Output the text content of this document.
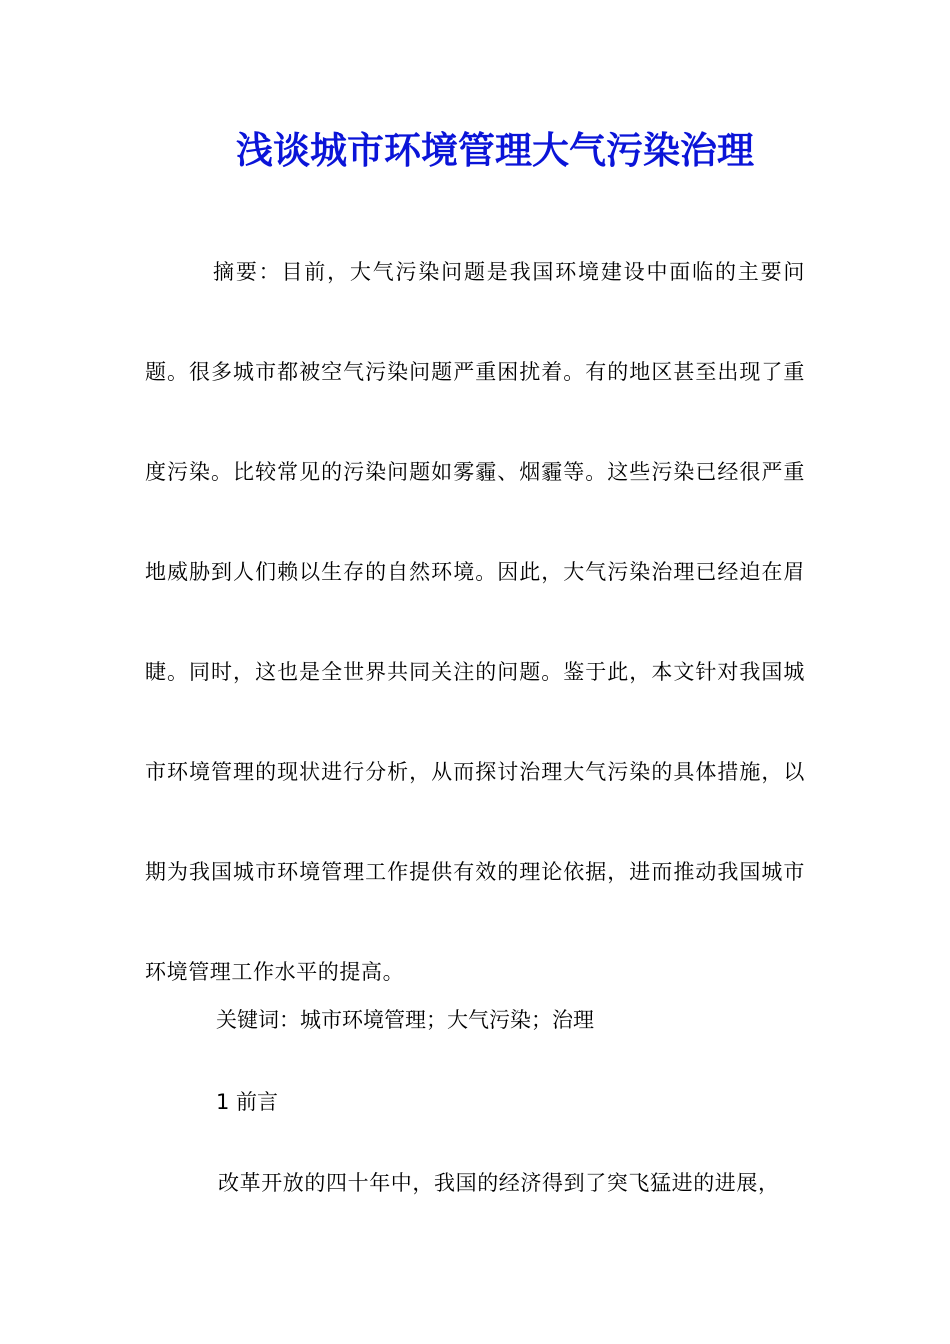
浅谈城市环境管理大气污染治理

摘要：目前，大气污染问题是我国环境建设中面临的主要问题。很多城市都被空气污染问题严重困扰着。有的地区甚至出现了重度污染。比较常见的污染问题如雾霾、烟霾等。这些污染已经很严重地威胁到人们赖以生存的自然环境。因此，大气污染治理已经迫在眉睫。同时，这也是全世界共同关注的问题。鉴于此，本文针对我国城市环境管理的现状进行分析，从而探讨治理大气污染的具体措施，以期为我国城市环境管理工作提供有效的理论依据，进而推动我国城市环境管理工作水平的提高。

关键词：城市环境管理；大气污染；治理

1 前言

改革开放的四十年中，我国的经济得到了突飞猛进的进展，
